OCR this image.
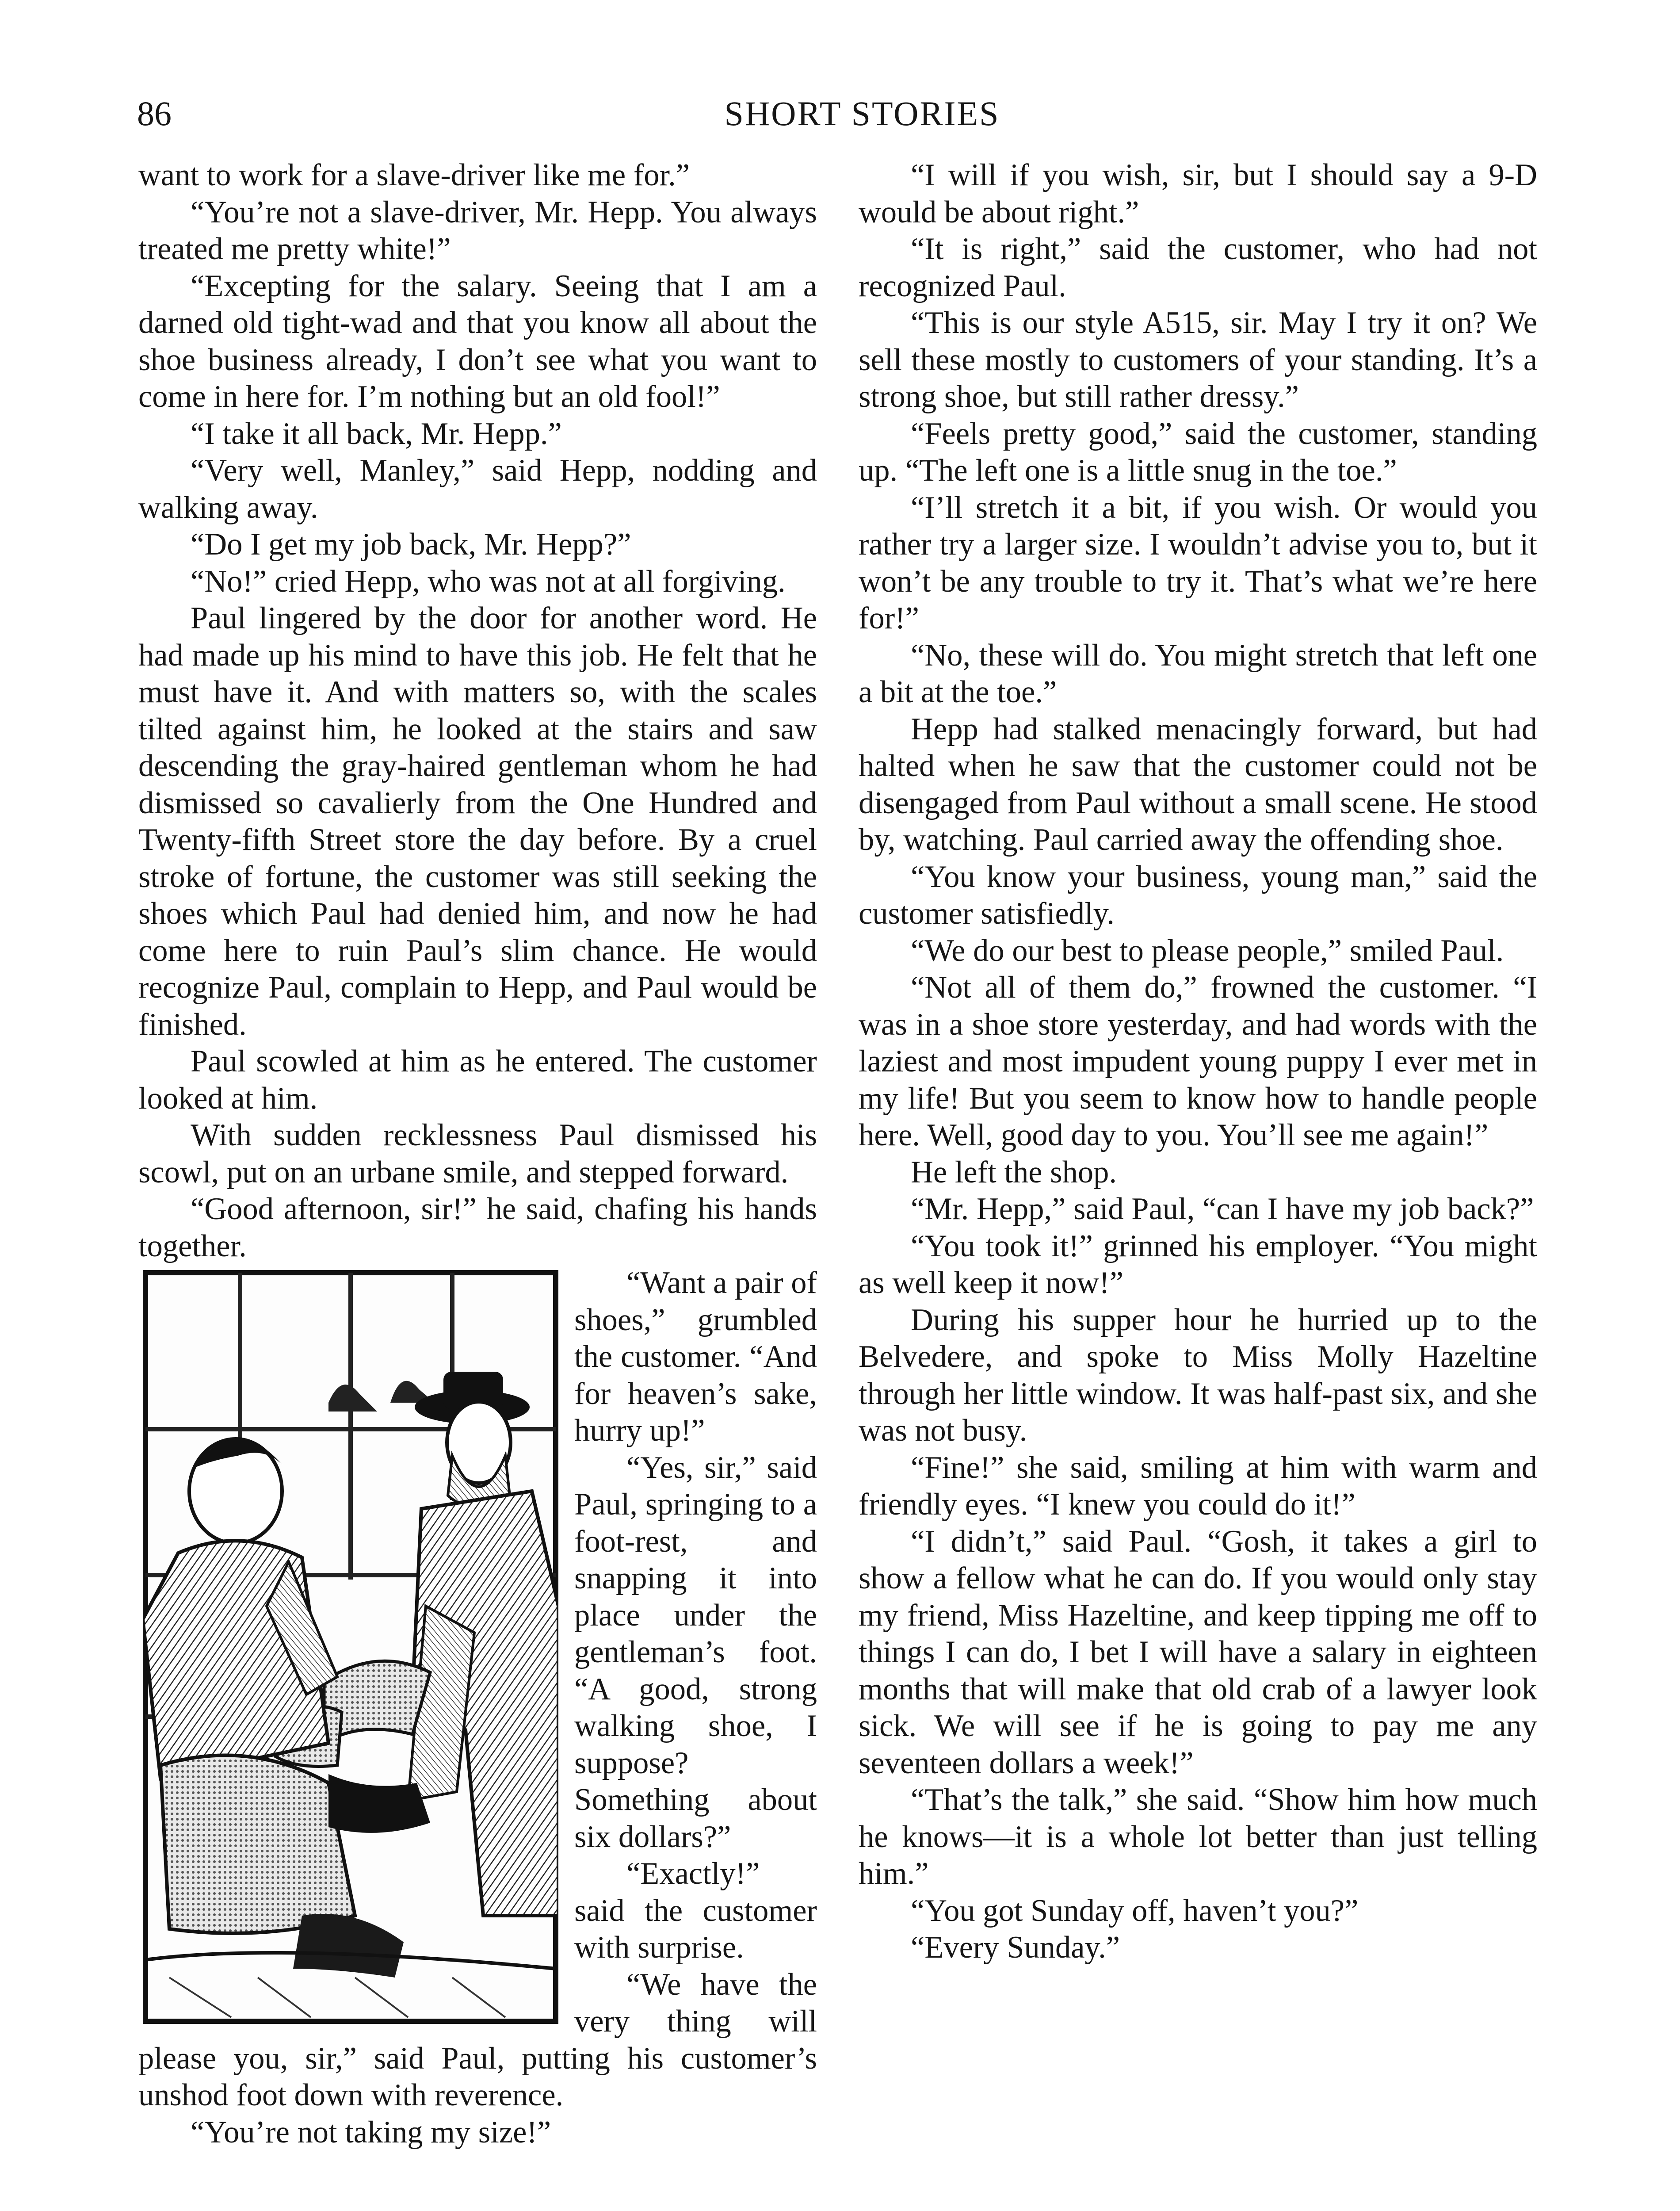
86	SHORT STORIES

want to work for a slave-driver like me for.”

“You’re not a slave-driver, Mr. Hepp. You always treated me pretty white!”

“Excepting for the salary. Seeing that I am a darned old tight-wad and that you know all about the shoe business already, I don’t see what you want to come in here for. I’m nothing but an old fool!”

“I take it all back, Mr. Hepp.”

“Very well, Manley,” said Hepp, nodding and walking away.

“Do I get my job back, Mr. Hepp?”

“No!” cried Hepp, who was not at all forgiving.

Paul lingered by the door for another word. He had made up his mind to have this job. He felt that he must have it. And with matters so, with the scales tilted against him, he looked at the stairs and saw descending the gray-haired gentleman whom he had dismissed so cavalierly from the One Hundred and Twenty-fifth Street store the day before. By a cruel stroke of fortune, the customer was still seeking the shoes which Paul had denied him, and now he had come here to ruin Paul’s slim chance. He would recognize Paul, complain to Hepp, and Paul would be finished.

Paul scowled at him as he entered. The customer looked at him.

With sudden recklessness Paul dismissed his scowl, put on an urbane smile, and stepped forward.

“Good afternoon, sir!” he said, chafing his hands together.

“Want a pair of shoes,” grumbled the customer. “And for heaven’s sake, hurry up!”

“Yes, sir,” said Paul, springing to a foot-rest, and snapping it into place under the gentleman’s foot. “A good, strong walking shoe, I suppose? Something about six dollars?”

“Exactly!” said the customer with surprise.

“We have the very thing will please you, sir,” said Paul, putting his customer’s unshod foot down with reverence.

“You’re not taking my size!”

“I will if you wish, sir, but I should say a 9-D would be about right.”

“It is right,” said the customer, who had not recognized Paul.

“This is our style A515, sir. May I try it on? We sell these mostly to customers of your standing. It’s a strong shoe, but still rather dressy.”

“Feels pretty good,” said the customer, standing up. “The left one is a little snug in the toe.”

“I’ll stretch it a bit, if you wish. Or would you rather try a larger size. I wouldn’t advise you to, but it won’t be any trouble to try it. That’s what we’re here for!”

“No, these will do. You might stretch that left one a bit at the toe.”

Hepp had stalked menacingly forward, but had halted when he saw that the customer could not be disengaged from Paul without a small scene. He stood by, watching. Paul carried away the offending shoe.

“You know your business, young man,” said the customer satisfiedly.

“We do our best to please people,” smiled Paul.

“Not all of them do,” frowned the customer. “I was in a shoe store yesterday, and had words with the laziest and most impudent young puppy I ever met in my life! But you seem to know how to handle people here. Well, good day to you. You’ll see me again!”

He left the shop.

“Mr. Hepp,” said Paul, “can I have my job back?”

“You took it!” grinned his employer. “You might as well keep it now!”

During his supper hour he hurried up to the Belvedere, and spoke to Miss Molly Hazeltine through her little window. It was half-past six, and she was not busy.

“Fine!” she said, smiling at him with warm and friendly eyes. “I knew you could do it!”

“I didn’t,” said Paul. “Gosh, it takes a girl to show a fellow what he can do. If you would only stay my friend, Miss Hazeltine, and keep tipping me off to things I can do, I bet I will have a salary in eighteen months that will make that old crab of a lawyer look sick. We will see if he is going to pay me any seventeen dollars a week!”

“That’s the talk,” she said. “Show him how much he knows—it is a whole lot better than just telling him.”

“You got Sunday off, haven’t you?”

“Every Sunday.”
